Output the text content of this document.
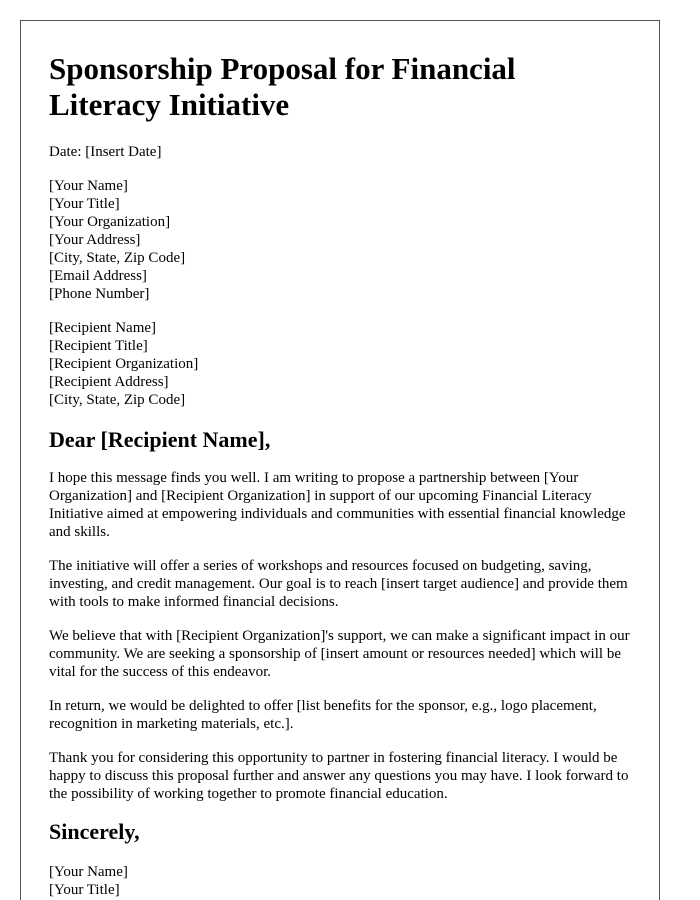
Sponsorship Proposal for Financial Literacy Initiative
Date: [Insert Date]
[Your Name]
[Your Title]
[Your Organization]
[Your Address]
[City, State, Zip Code]
[Email Address]
[Phone Number]
[Recipient Name]
[Recipient Title]
[Recipient Organization]
[Recipient Address]
[City, State, Zip Code]
Dear [Recipient Name],

I hope this message finds you well. I am writing to propose a partnership between [Your Organization] and [Recipient Organization] in support of our upcoming Financial Literacy Initiative aimed at empowering individuals and communities with essential financial knowledge and skills.

The initiative will offer a series of workshops and resources focused on budgeting, saving, investing, and credit management. Our goal is to reach [insert target audience] and provide them with tools to make informed financial decisions.

We believe that with [Recipient Organization]'s support, we can make a significant impact in our community. We are seeking a sponsorship of [insert amount or resources needed] which will be vital for the success of this endeavor.

In return, we would be delighted to offer [list benefits for the sponsor, e.g., logo placement, recognition in marketing materials, etc.].

Thank you for considering this opportunity to partner in fostering financial literacy. I would be happy to discuss this proposal further and answer any questions you may have. I look forward to the possibility of working together to promote financial education.

Sincerely,
[Your Name]
[Your Title]
